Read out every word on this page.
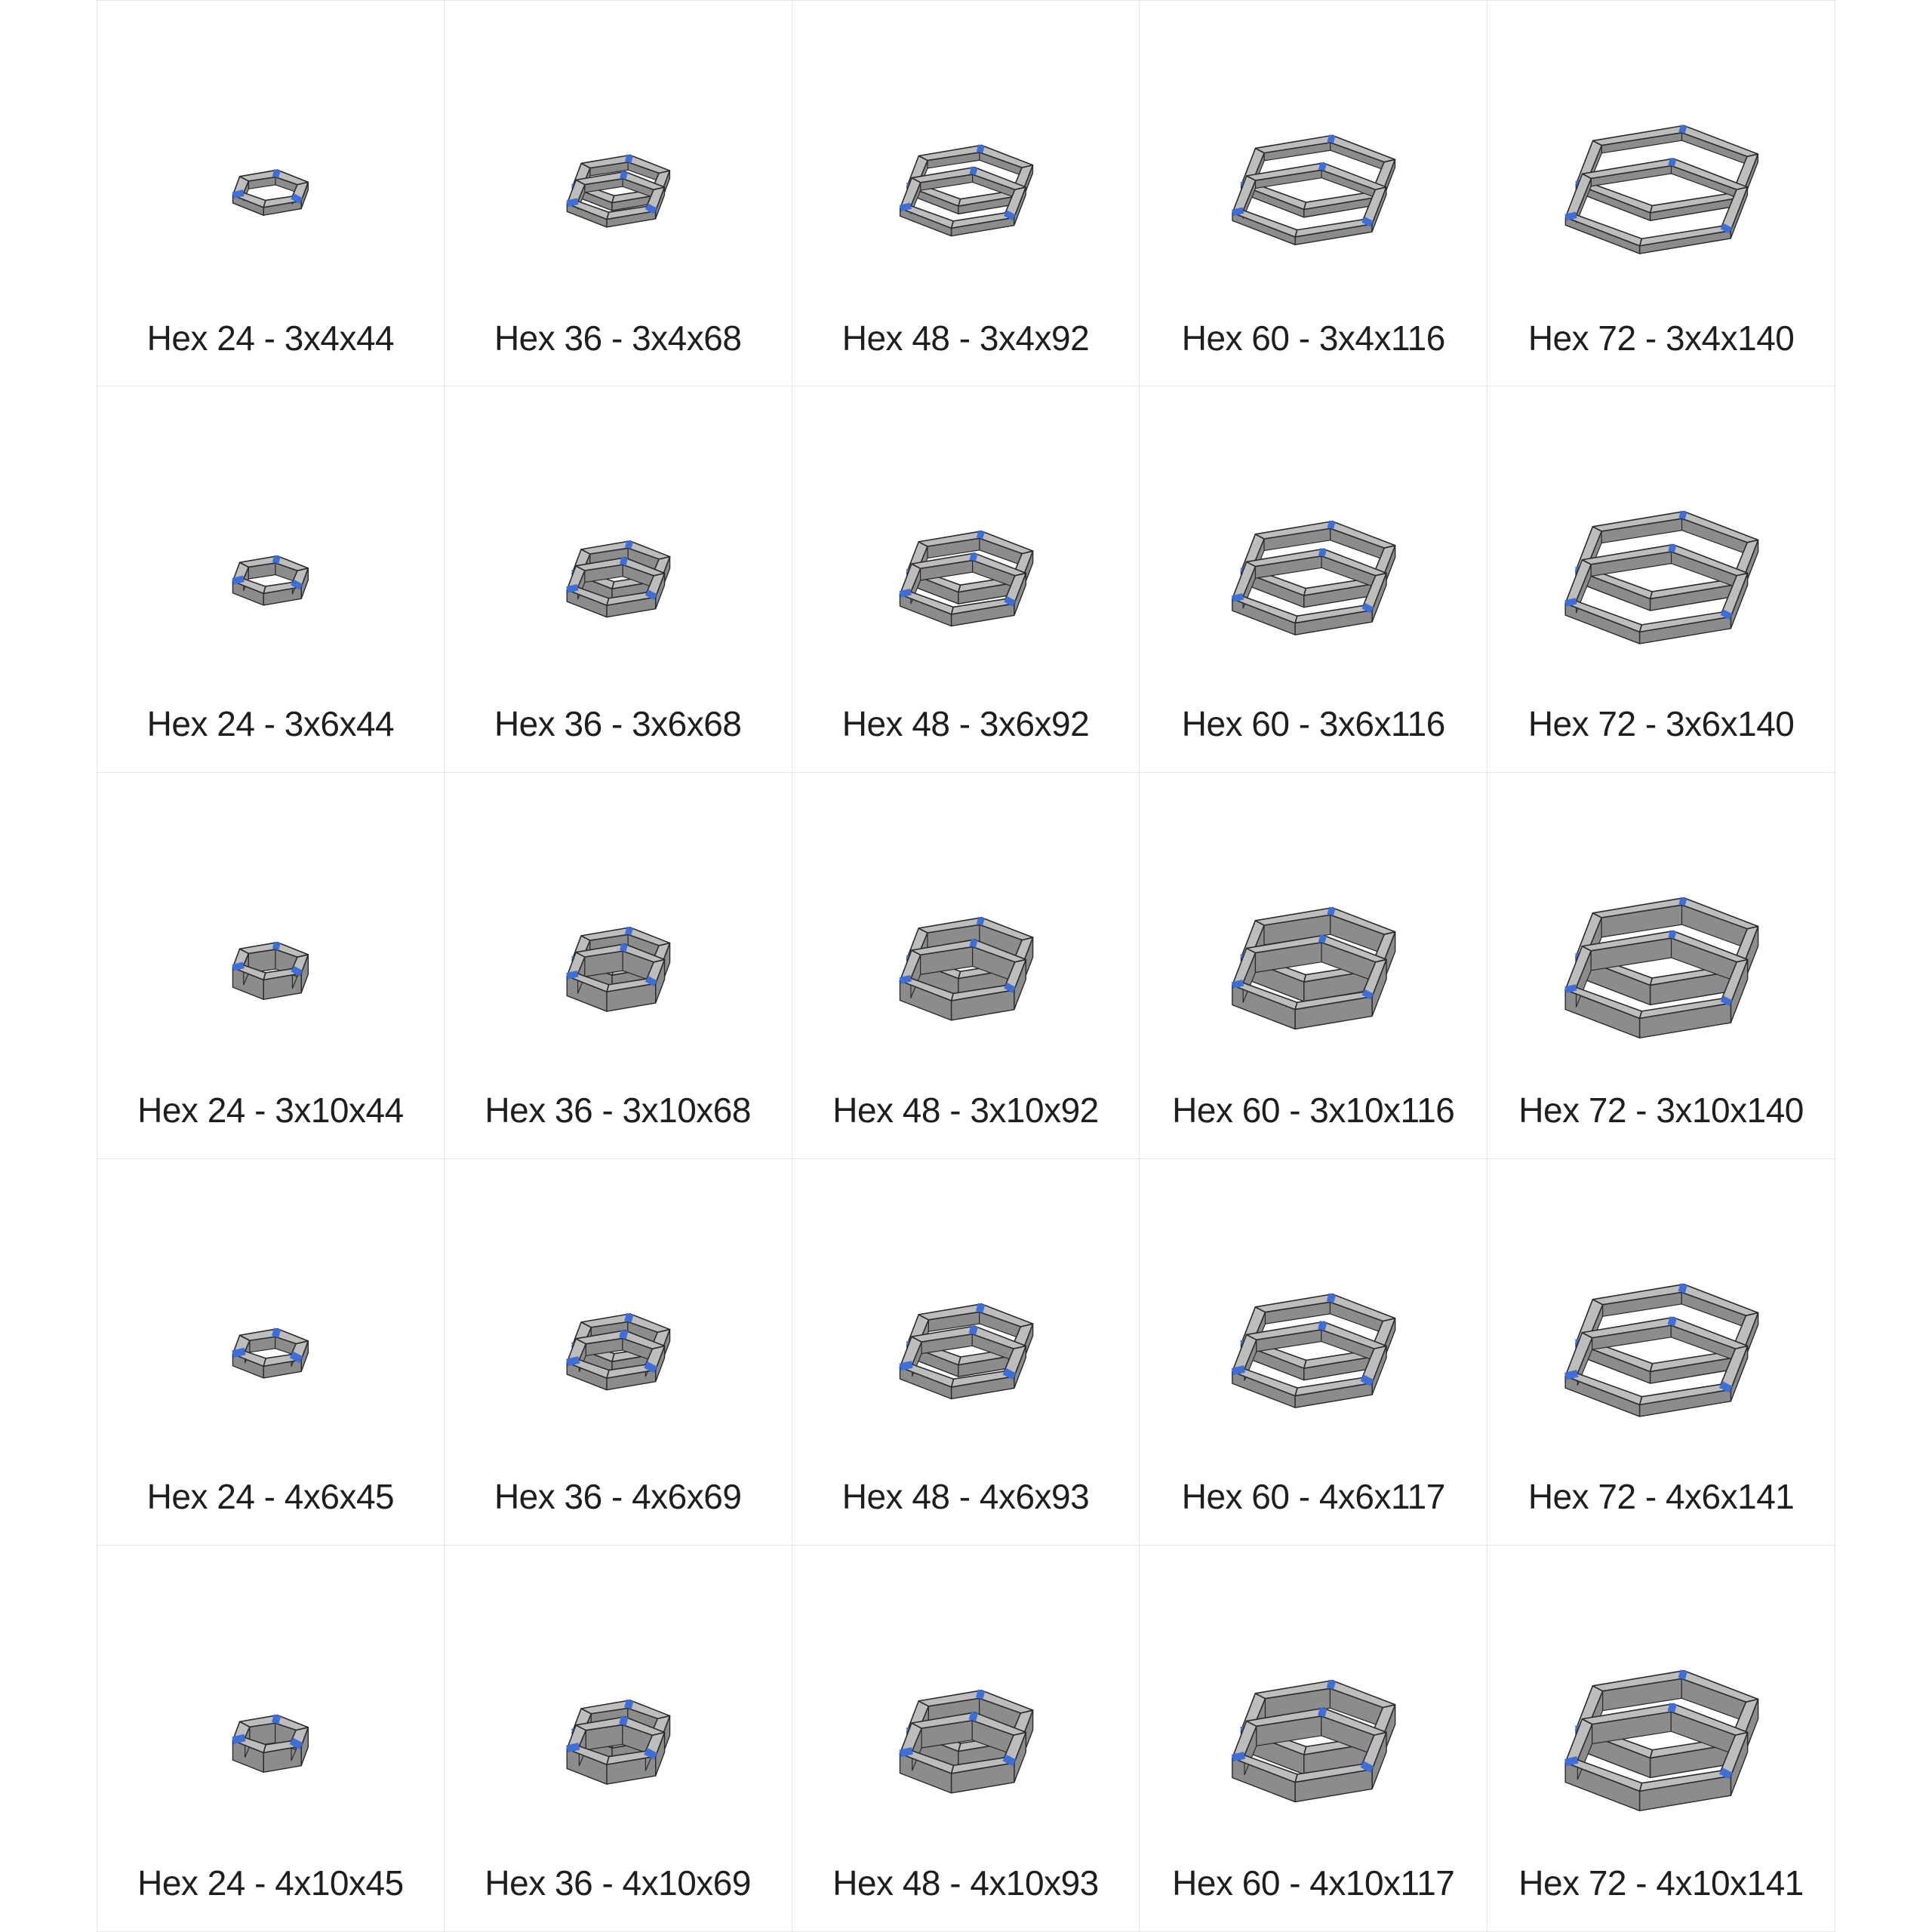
Hex 24 - 3x4x44	Hex 36 - 3x4x68	Hex 48 - 3x4x92	Hex 60 - 3x4x116	Hex 72 - 3x4x140
Hex 24 - 3x6x44	Hex 36 - 3x6x68	Hex 48 - 3x6x92	Hex 60 - 3x6x116	Hex 72 - 3x6x140
Hex 24 - 3x10x44	Hex 36 - 3x10x68	Hex 48 - 3x10x92	Hex 60 - 3x10x116	Hex 72 - 3x10x140
Hex 24 - 4x6x45	Hex 36 - 4x6x69	Hex 48 - 4x6x93	Hex 60 - 4x6x117	Hex 72 - 4x6x141
Hex 24 - 4x10x45	Hex 36 - 4x10x69	Hex 48 - 4x10x93	Hex 60 - 4x10x117	Hex 72 - 4x10x141
